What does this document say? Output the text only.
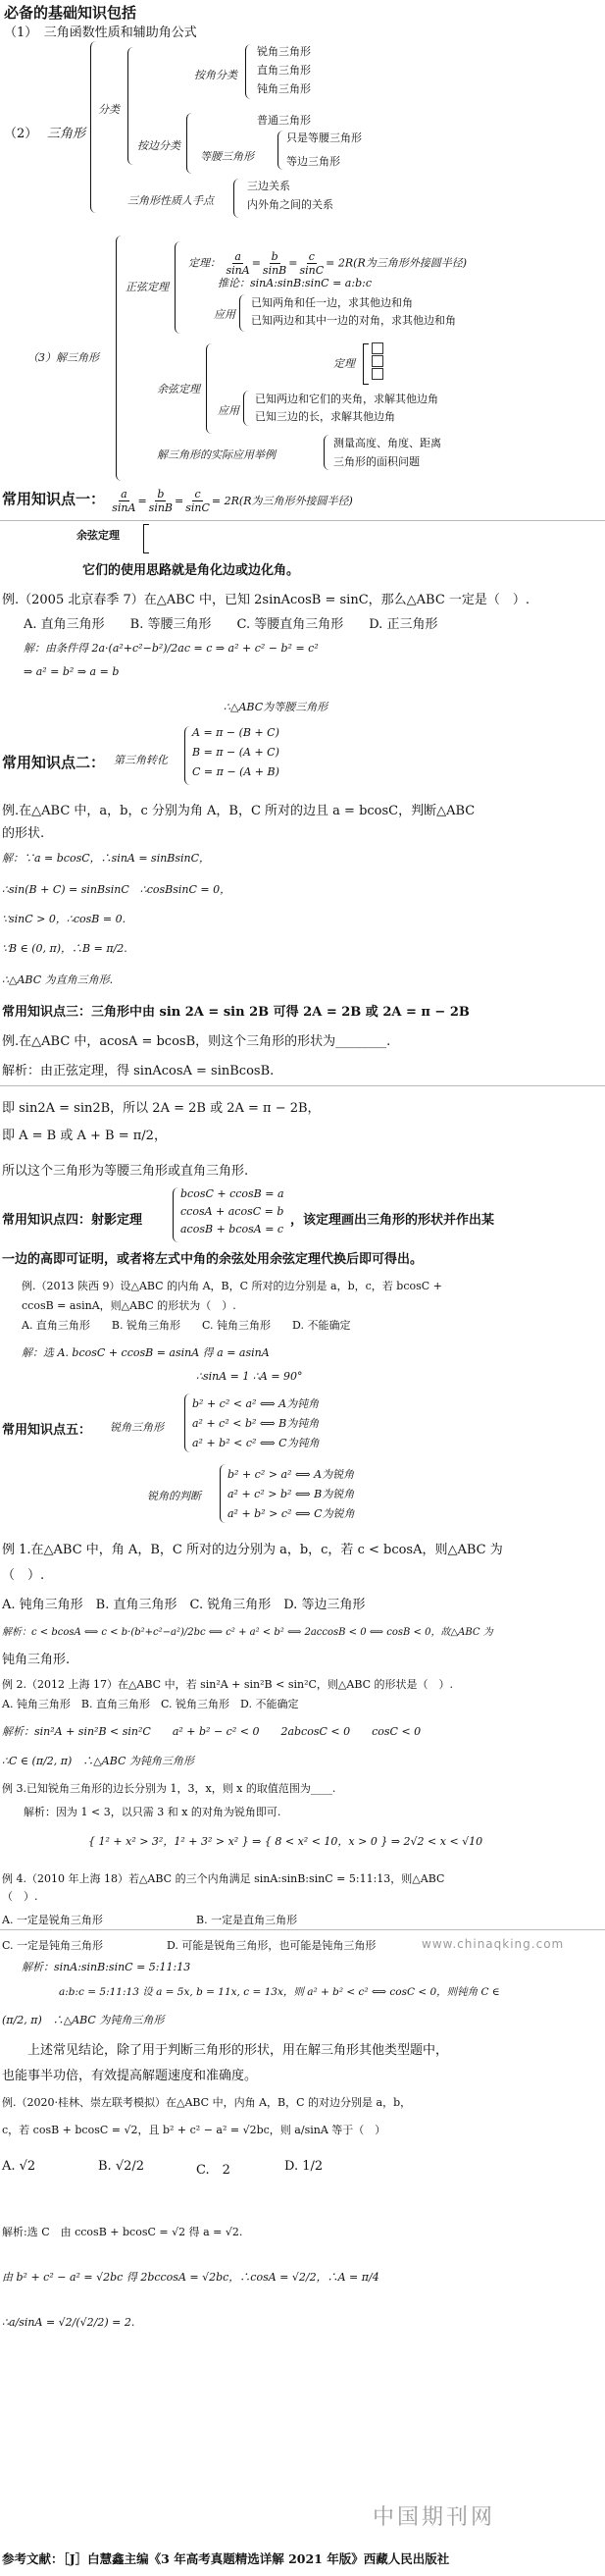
必备的基础知识包括
（1）　三角函数性质和辅助角公式
（2） 三角形
分类
按角分类
锐角三角形
直角三角形
钝角三角形
按边分类
普通三角形
等腰三角形
只是等腰三角形
等边三角形
三角形性质人手点
三边关系
内外角之间的关系
（3）解三角形
正弦定理
定理： $\frac{a}{\sin A} = \frac{b}{\sin B} = \frac{c}{\sin C} = 2R(R$为三角形外接圆半径)
推论：sinA:sinB:sinC = a:b:c
应用
已知两角和任一边，求其他边和角
已知两边和其中一边的对角，求其他边和角
余弦定理
定理

应用
已知两边和它们的夹角，求解其他边角
已知三边的长，求解其他边角
解三角形的实际应用举例
测量高度、角度、距离
三角形的面积问题
常用知识点一： $\frac{a}{\sin A} = \frac{b}{\sin B} = \frac{c}{\sin C} = 2R(R$为三角形外接圆半径)
余弦定理
它们的使用思路就是角化边或边化角。
例.（2005 北京春季 7）在△ABC 中，已知 2sinAcosB = sinC，那么△ABC 一定是（　）.
A. 直角三角形　　B. 等腰三角形　　C. 等腰直角三角形　　D. 正三角形
解：由条件得 2a·(a²+c²−b²)/2ac = c ⇒ a² + c² − b² = c²
⇒ a² = b² ⇒ a = b
∴△ABC为等腰三角形
常用知识点二： 第三角转化
A = π − (B + C)
B = π − (A + C)
C = π − (A + B)
例.在△ABC 中，a，b，c 分别为角 A，B，C 所对的边且 a = bcosC，判断△ABC
的形状.
解：∵a = bcosC，∴sinA = sinBsinC，
∴sin(B + C) = sinBsinC　∴cosBsinC = 0，
∵sinC > 0，∴cosB = 0.
∵B ∈ (0, π)，∴B = π/2.
∴△ABC 为直角三角形.
常用知识点三：三角形中由 sin 2A = sin 2B 可得 2A = 2B 或 2A = π − 2B
例.在△ABC 中，acosA = bcosB，则这个三角形的形状为________.
解析：由正弦定理，得 sinAcosA = sinBcosB.
即 sin2A = sin2B，所以 2A = 2B 或 2A = π − 2B，
即 A = B 或 A + B = π/2，
所以这个三角形为等腰三角形或直角三角形.
常用知识点四：射影定理
bcosC + ccosB = a
ccosA + acosC = b
acosB + bcosA = c
，该定理画出三角形的形状并作出某
一边的高即可证明，或者将左式中角的余弦处用余弦定理代换后即可得出。
例.（2013 陕西 9）设△ABC 的内角 A，B，C 所对的边分别是 a，b，c，若 bcosC +
ccosB = asinA，则△ABC 的形状为（　）.
A. 直角三角形　　B. 锐角三角形　　C. 钝角三角形　　D. 不能确定
解：选 A. bcosC + ccosB = asinA 得 a = asinA
∴sinA = 1 ∴A = 90°
常用知识点五： 锐角三角形
b² + c² < a² ⟺ A为钝角
a² + c² < b² ⟺ B为钝角
a² + b² < c² ⟺ C为钝角
锐角的判断
b² + c² > a² ⟺ A为锐角
a² + c² > b² ⟺ B为锐角
a² + b² > c² ⟺ C为锐角
例 1.在△ABC 中，角 A，B，C 所对的边分别为 a，b，c，若 c < bcosA，则△ABC 为
（　）.
A. 钝角三角形　B. 直角三角形　C. 锐角三角形　D. 等边三角形
解析：c < bcosA ⟺ c < b·(b²+c²−a²)/2bc ⟺ c² + a² < b² ⟺ 2accosB < 0 ⟺ cosB < 0，故△ABC 为
钝角三角形.
例 2.（2012 上海 17）在△ABC 中，若 sin²A + sin²B < sin²C，则△ABC 的形状是（　）.
A. 钝角三角形　B. 直角三角形　C. 锐角三角形　D. 不能确定
解析：sin²A + sin²B < sin²C　　a² + b² − c² < 0　　2abcosC < 0　　cosC < 0
∴C ∈ (π/2, π)　∴△ABC 为钝角三角形
例 3.已知锐角三角形的边长分别为 1，3，x，则 x 的取值范围为____.
解析：因为 1 < 3，以只需 3 和 x 的对角为锐角即可.
{ 1² + x² > 3²，1² + 3² > x² } ⇒ { 8 < x² < 10，x > 0 } ⇒ 2√2 < x < √10
例 4.（2010 年上海 18）若△ABC 的三个内角满足 sinA:sinB:sinC = 5:11:13，则△ABC
（　）.
A. 一定是锐角三角形	B. 一定是直角三角形
C. 一定是钝角三角形	D. 可能是锐角三角形，也可能是钝角三角形	www.chinaqking.com
解析：sinA:sinB:sinC = 5:11:13
a:b:c = 5:11:13 设 a = 5x, b = 11x, c = 13x，则 a² + b² < c² ⟺ cosC < 0，则钝角 C ∈
(π/2, π)　∴△ABC 为钝角三角形
上述常见结论，除了用于判断三角形的形状，用在解三角形其他类型题中，
也能事半功倍，有效提高解题速度和准确度。
例.（2020·桂林、崇左联考模拟）在△ABC 中，内角 A，B，C 的对边分别是 a，b，
c，若 cosB + bcosC = √2，且 b² + c² − a² = √2bc，则 a/sinA 等于（　）
A. √2	B. √2/2	C.　2	D. 1/2
解析:选 C　由 ccosB + bcosC = √2 得 a = √2.
由 b² + c² − a² = √2bc 得 2bccosA = √2bc，∴cosA = √2/2，∴A = π/4
∴a/sinA = √2/(√2/2) = 2.
中国期刊网
参考文献：［J］白慧鑫主编《3 年高考真题精选详解 2021 年版》西藏人民出版社
